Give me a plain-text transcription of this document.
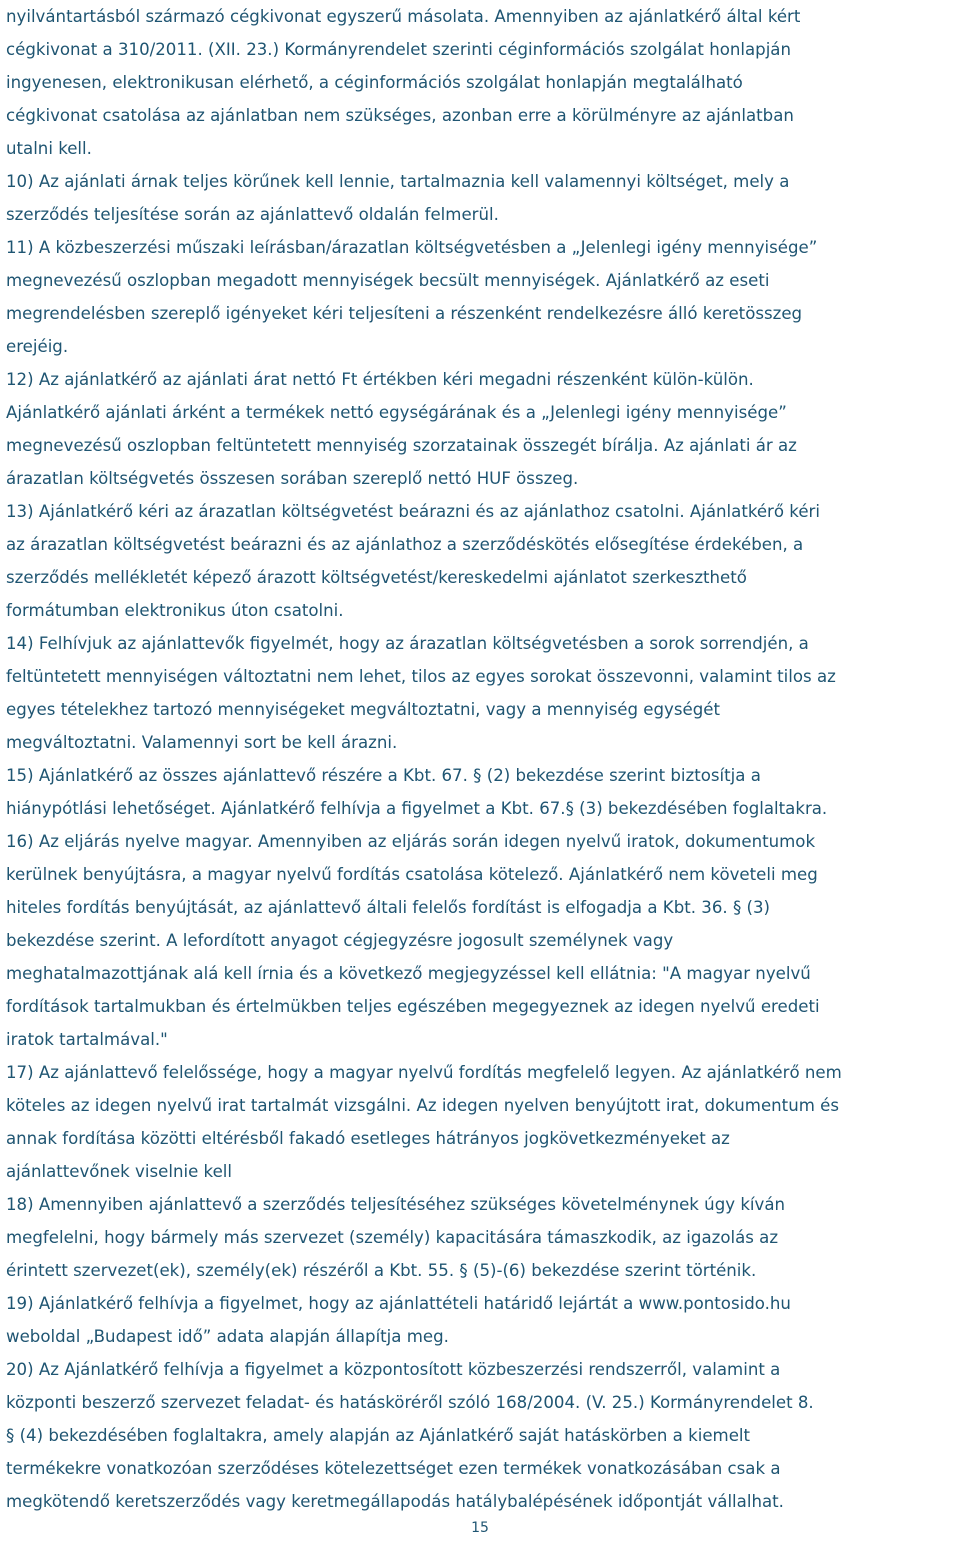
nyilvántartásból származó cégkivonat egyszerű másolata. Amennyiben az ajánlatkérő által kért
cégkivonat a 310/2011. (XII. 23.) Kormányrendelet szerinti céginformációs szolgálat honlapján
ingyenesen, elektronikusan elérhető, a céginformációs szolgálat honlapján megtalálható
cégkivonat csatolása az ajánlatban nem szükséges, azonban erre a körülményre az ajánlatban
utalni kell.
10) Az ajánlati árnak teljes körűnek kell lennie, tartalmaznia kell valamennyi költséget, mely a
szerződés teljesítése során az ajánlattevő oldalán felmerül.
11) A közbeszerzési műszaki leírásban/árazatlan költségvetésben a „Jelenlegi igény mennyisége”
megnevezésű oszlopban megadott mennyiségek becsült mennyiségek. Ajánlatkérő az eseti
megrendelésben szereplő igényeket kéri teljesíteni a részenként rendelkezésre álló keretösszeg
erejéig.
12) Az ajánlatkérő az ajánlati árat nettó Ft értékben kéri megadni részenként külön-külön.
Ajánlatkérő ajánlati árként a termékek nettó egységárának és a „Jelenlegi igény mennyisége”
megnevezésű oszlopban feltüntetett mennyiség szorzatainak összegét bírálja. Az ajánlati ár az
árazatlan költségvetés összesen sorában szereplő nettó HUF összeg.
13) Ajánlatkérő kéri az árazatlan költségvetést beárazni és az ajánlathoz csatolni. Ajánlatkérő kéri
az árazatlan költségvetést beárazni és az ajánlathoz a szerződéskötés elősegítése érdekében, a
szerződés mellékletét képező árazott költségvetést/kereskedelmi ajánlatot szerkeszthető
formátumban elektronikus úton csatolni.
14) Felhívjuk az ajánlattevők figyelmét, hogy az árazatlan költségvetésben a sorok sorrendjén, a
feltüntetett mennyiségen változtatni nem lehet, tilos az egyes sorokat összevonni, valamint tilos az
egyes tételekhez tartozó mennyiségeket megváltoztatni, vagy a mennyiség egységét
megváltoztatni. Valamennyi sort be kell árazni.
15) Ajánlatkérő az összes ajánlattevő részére a Kbt. 67. § (2) bekezdése szerint biztosítja a
hiánypótlási lehetőséget. Ajánlatkérő felhívja a figyelmet a Kbt. 67.§ (3) bekezdésében foglaltakra.
16) Az eljárás nyelve magyar. Amennyiben az eljárás során idegen nyelvű iratok, dokumentumok
kerülnek benyújtásra, a magyar nyelvű fordítás csatolása kötelező. Ajánlatkérő nem követeli meg
hiteles fordítás benyújtását, az ajánlattevő általi felelős fordítást is elfogadja a Kbt. 36. § (3)
bekezdése szerint. A lefordított anyagot cégjegyzésre jogosult személynek vagy
meghatalmazottjának alá kell írnia és a következő megjegyzéssel kell ellátnia: "A magyar nyelvű
fordítások tartalmukban és értelmükben teljes egészében megegyeznek az idegen nyelvű eredeti
iratok tartalmával."
17) Az ajánlattevő felelőssége, hogy a magyar nyelvű fordítás megfelelő legyen. Az ajánlatkérő nem
köteles az idegen nyelvű irat tartalmát vizsgálni. Az idegen nyelven benyújtott irat, dokumentum és
annak fordítása közötti eltérésből fakadó esetleges hátrányos jogkövetkezményeket az
ajánlattevőnek viselnie kell
18) Amennyiben ajánlattevő a szerződés teljesítéséhez szükséges követelménynek úgy kíván
megfelelni, hogy bármely más szervezet (személy) kapacitására támaszkodik, az igazolás az
érintett szervezet(ek), személy(ek) részéről a Kbt. 55. § (5)-(6) bekezdése szerint történik.
19) Ajánlatkérő felhívja a figyelmet, hogy az ajánlattételi határidő lejártát a www.pontosido.hu
weboldal „Budapest idő” adata alapján állapítja meg.
20) Az Ajánlatkérő felhívja a figyelmet a központosított közbeszerzési rendszerről, valamint a
központi beszerző szervezet feladat- és hatásköréről szóló 168/2004. (V. 25.) Kormányrendelet 8.
§ (4) bekezdésében foglaltakra, amely alapján az Ajánlatkérő saját hatáskörben a kiemelt
termékekre vonatkozóan szerződéses kötelezettséget ezen termékek vonatkozásában csak a
megkötendő keretszerződés vagy keretmegállapodás hatálybalépésének időpontját vállalhat.
15
